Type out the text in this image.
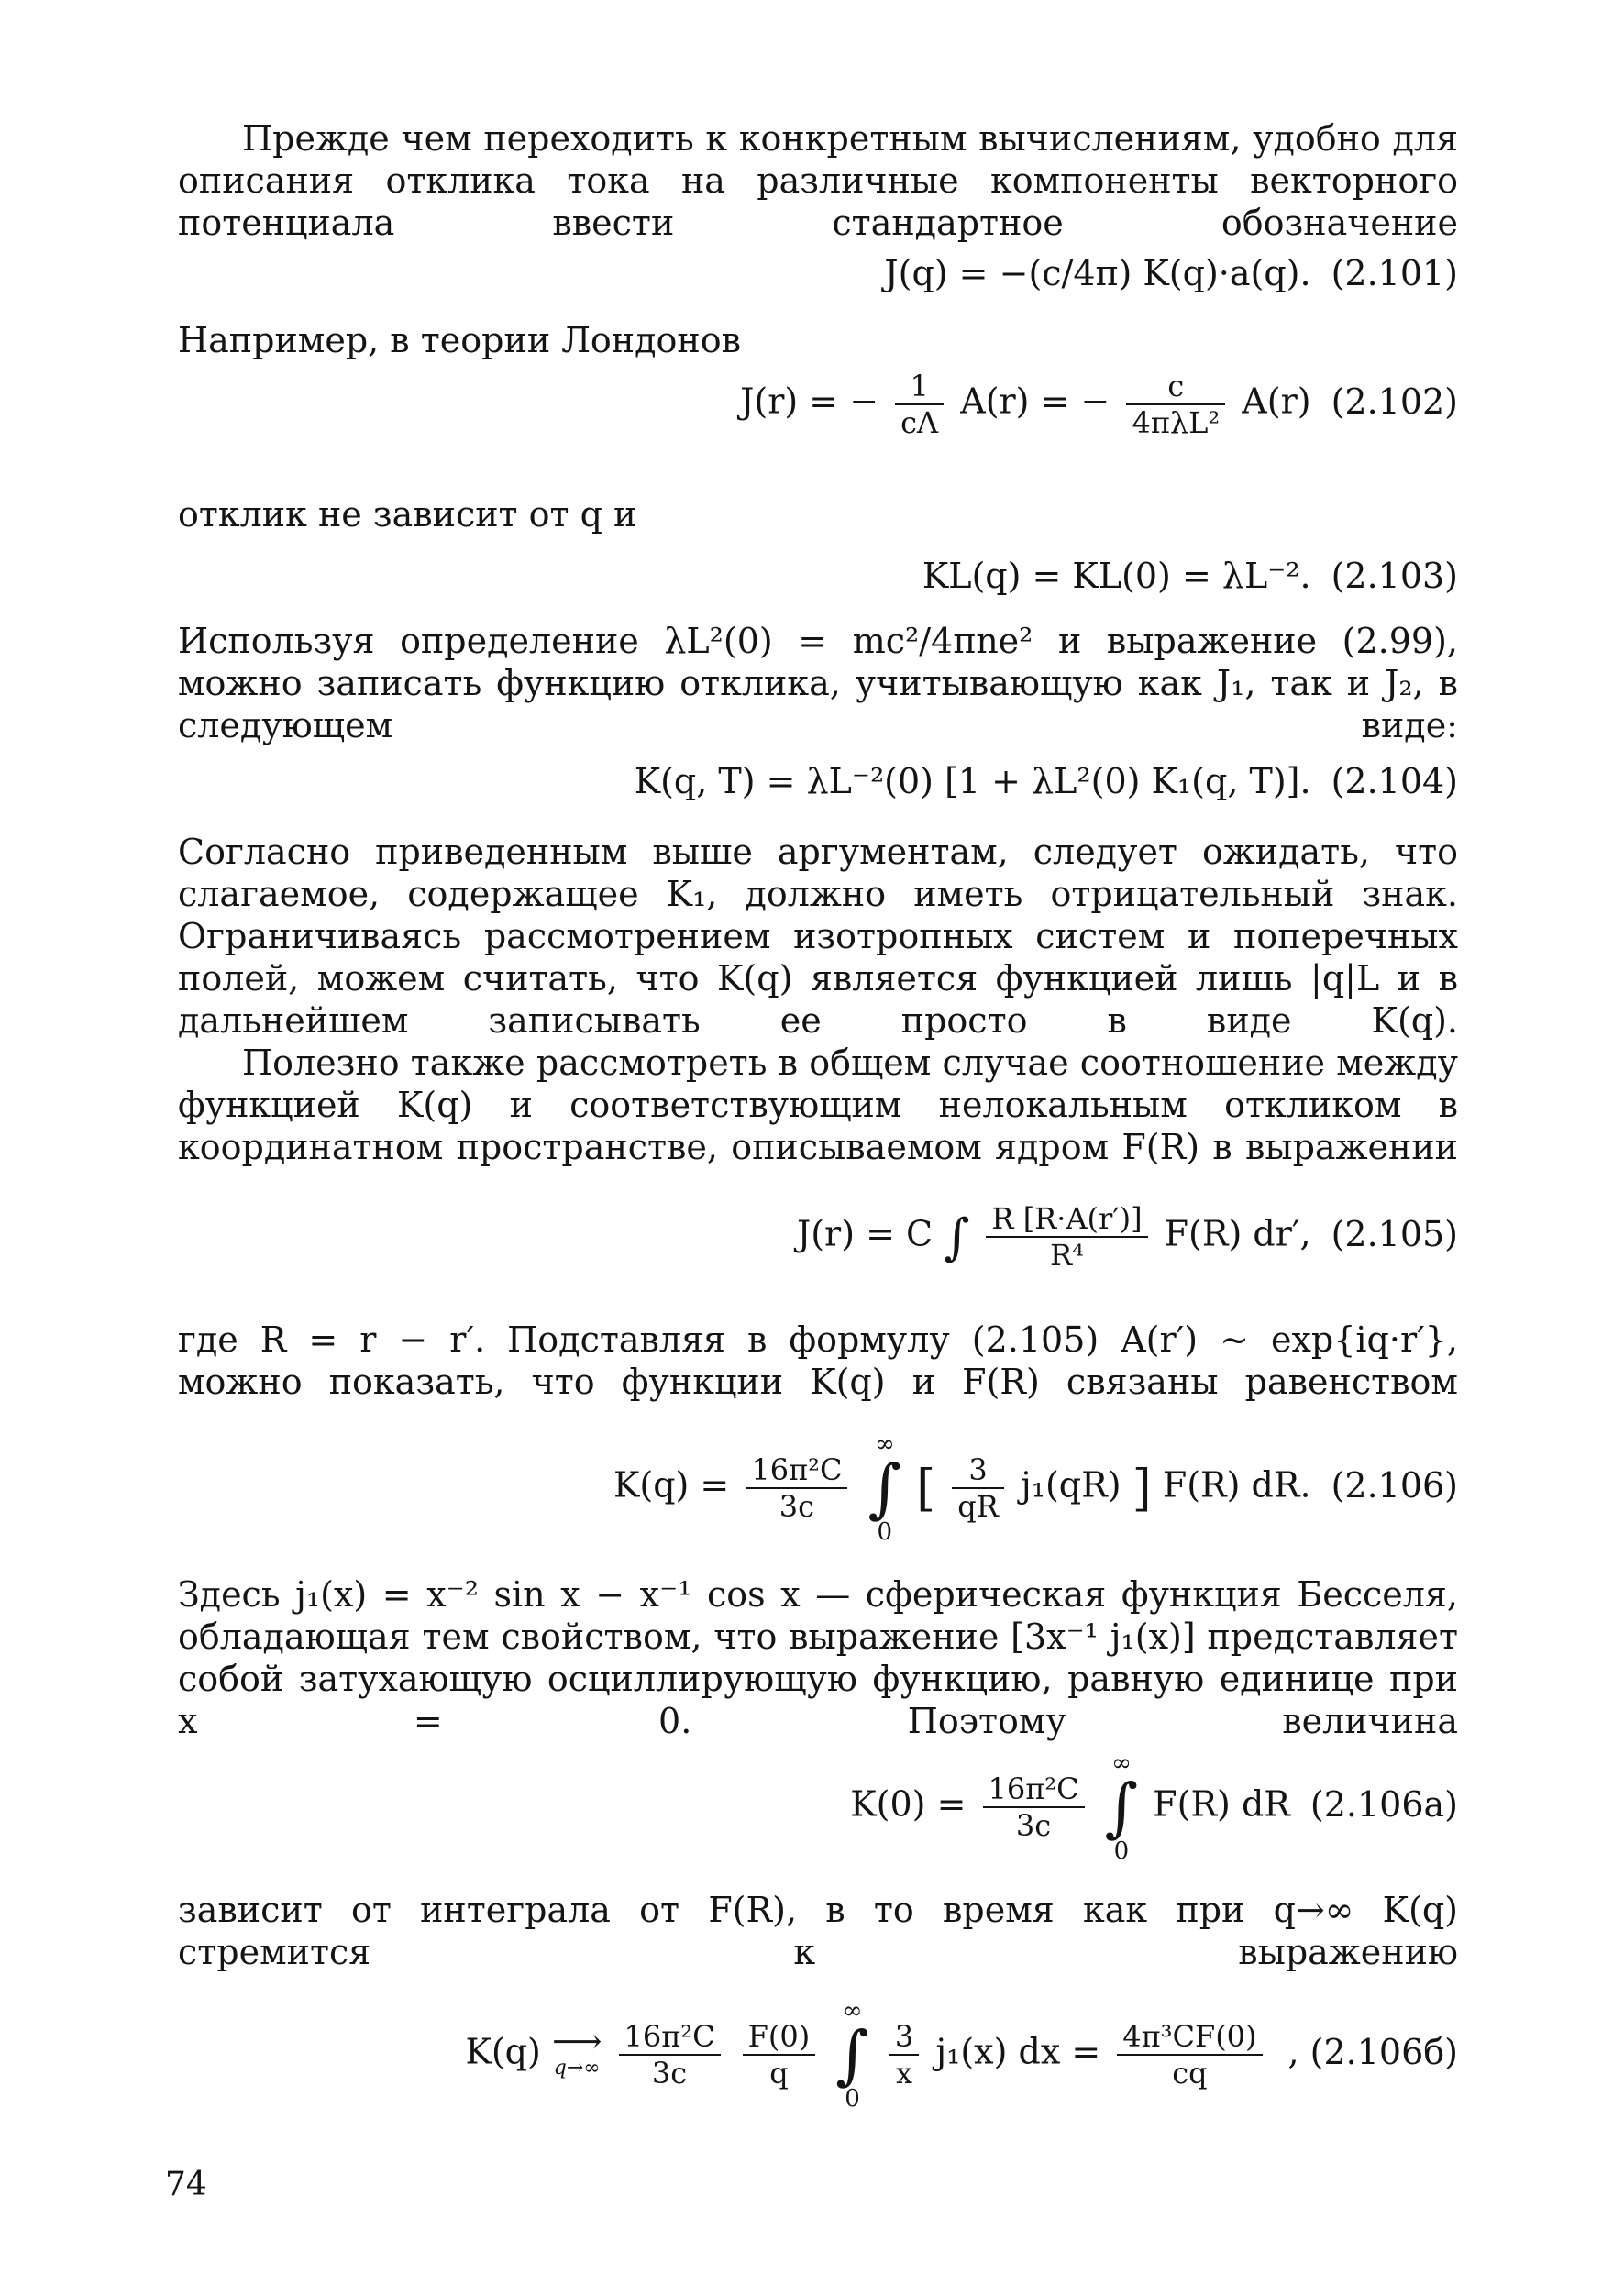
Прежде чем переходить к конкретным вычислениям, удобно для описания отклика тока на различные компоненты векторного потенциала ввести стандартное обозначение
J(q) = −(c/4π) K(q)·a(q). (2.101)
Например, в теории Лондонов
J(r) = − $\frac{1}{c\Lambda} A(r)$ = − $\frac{c}{\text{4πλL²}} A(r)$ (2.102)
отклик не зависит от q и
KL(q) = KL(0) = λL⁻². (2.103)
Используя определение λL²(0) = mc²/4πne² и выражение (2.99), можно записать функцию отклика, учитывающую как J₁, так и J₂, в следующем виде:
K(q, T) = λL⁻²(0) [1 + λL²(0) K₁(q, T)]. (2.104)
Согласно приведенным выше аргументам, следует ожидать, что слагаемое, содержащее K₁, должно иметь отрицательный знак. Ограничиваясь рассмотрением изотропных систем и поперечных полей, можем считать, что K(q) является функцией лишь |q|L и в дальнейшем записывать ее просто в виде K(q).
Полезно также рассмотреть в общем случае соотношение между функцией K(q) и соответствующим нелокальным откликом в координатном пространстве, описываемом ядром F(R) в выражении
J(r) = C ∫ $\frac{R [R\cdot A(r')]}{\text{R⁴}} F(R)$ dr′, (2.105)
где R = r − r′. Подставляя в формулу (2.105) A(r′) ~ exp{iq·r′}, можно показать, что функции K(q) и F(R) связаны равенством
$K(q) = \frac{\text{16π²C}}{3c}$

∞
∫
0
[ $\frac{3}{qR} j_1(qR)$ ] F(R) dR. (2.106)
Здесь j₁(x) = x⁻² sin x − x⁻¹ cos x — сферическая функция Бесселя, обладающая тем свойством, что выражение [3x⁻¹ j₁(x)] представляет собой затухающую осциллирующую функцию, равную единице при x = 0. Поэтому величина
$K(0) = \frac{\text{16π²C}}{3c}$

∞
∫
0
F(R) dR (2.106a)
зависит от интеграла от F(R), в то время как при q→∞ K(q) стремится к выражению
K(q) ⟶
q→∞
$\frac{\text{16π²C}}{3c}$
$\frac{F(0)}{q}$

∞
∫
0

$\frac{3}{x} j_1(x)$ dx = $\frac{\text{4π³CF(0)}}{cq}$ , (2.106б)
74
